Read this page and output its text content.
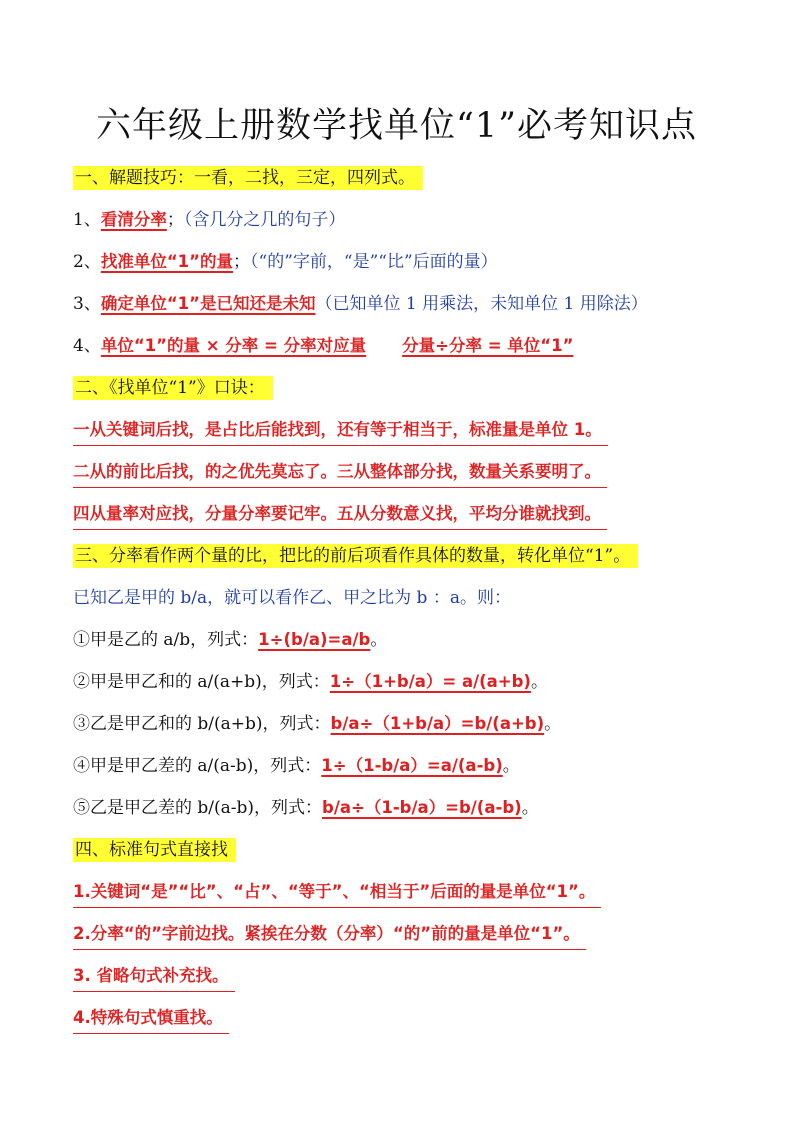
六年级上册数学找单位“1”必考知识点
一、解题技巧：一看，二找，三定，四列式。
1、看清分率；（含几分之几的句子）
2、找准单位“1”的量；（“的”字前，“是”“比”后面的量）
3、确定单位“1”是已知还是未知（已知单位 1 用乘法，未知单位 1 用除法）
4、单位“1”的量 × 分率 = 分率对应量 分量÷分率 = 单位“1”
二、《找单位“1”》口诀：
一从关键词后找，是占比后能找到，还有等于相当于，标准量是单位 1。
二从的前比后找，的之优先莫忘了。三从整体部分找，数量关系要明了。
四从量率对应找，分量分率要记牢。五从分数意义找，平均分谁就找到。
三、分率看作两个量的比，把比的前后项看作具体的数量，转化单位“1”。
已知乙是甲的 b/a，就可以看作乙、甲之比为 b ：a。则：
①甲是乙的 a/b，列式：1÷(b/a)=a/b。
②甲是甲乙和的 a/(a+b)，列式：1÷（1+b/a）= a/(a+b)。
③乙是甲乙和的 b/(a+b)，列式：b/a÷（1+b/a）=b/(a+b)。
④甲是甲乙差的 a/(a-b)，列式：1÷（1-b/a）=a/(a-b)。
⑤乙是甲乙差的 b/(a-b)，列式：b/a÷（1-b/a）=b/(a-b)。
四、标准句式直接找
1.关键词“是”“比”、“占”、“等于”、“相当于”后面的量是单位“1”。
2.分率“的”字前边找。紧挨在分数（分率）“的”前的量是单位“1”。
3. 省略句式补充找。
4.特殊句式慎重找。
